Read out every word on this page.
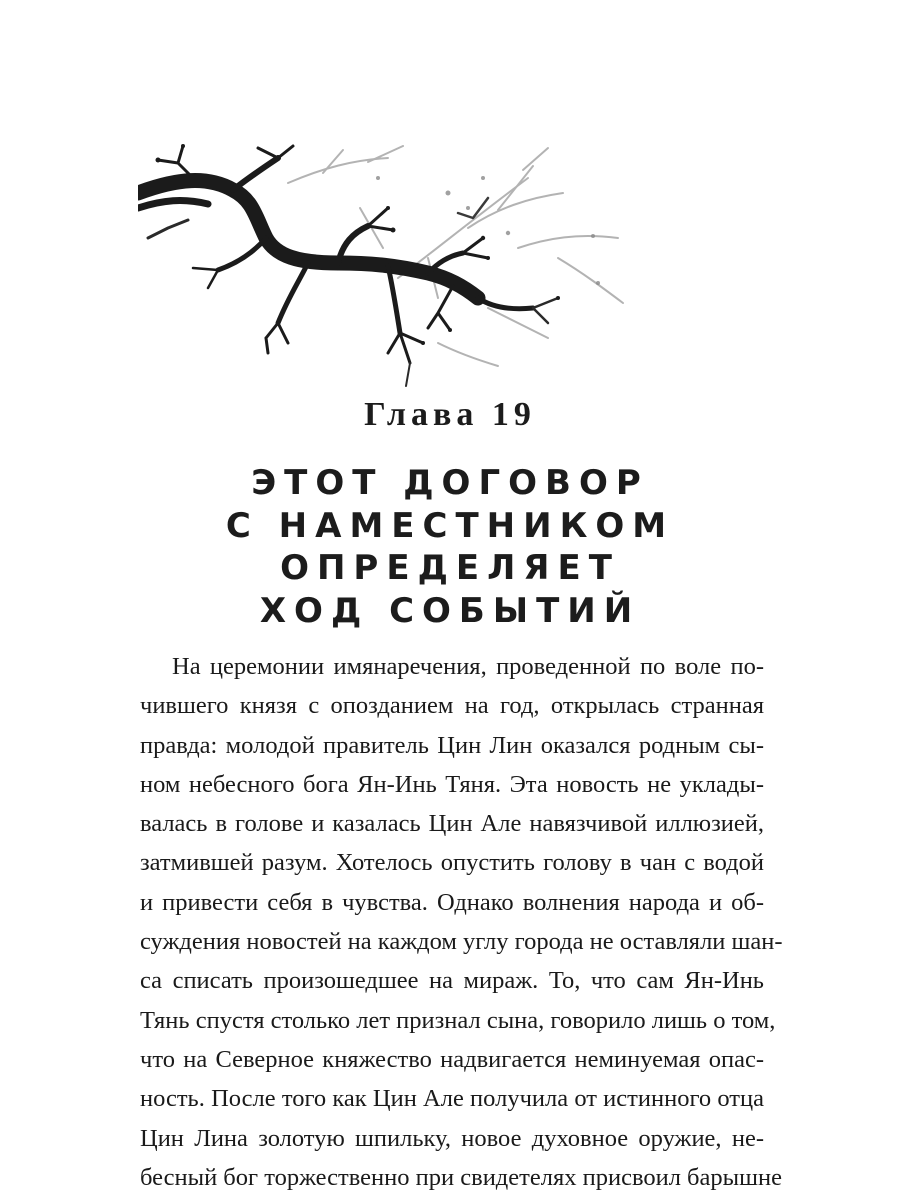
Глава 19
ЭТОТ ДОГОВОР
С НАМЕСТНИКОМ
ОПРЕДЕЛЯЕТ
ХОД СОБЫТИЙ
На церемонии имянаречения, проведенной по воле по-
чившего князя с опозданием на год, открылась странная
правда: молодой правитель Цин Лин оказался родным сы-
ном небесного бога Ян-Инь Тяня. Эта новость не уклады-
валась в голове и казалась Цин Але навязчивой иллюзией,
затмившей разум. Хотелось опустить голову в чан с водой
и привести себя в чувства. Однако волнения народа и об-
суждения новостей на каждом углу города не оставляли шан-
са списать произошедшее на мираж. То, что сам Ян-Инь
Тянь спустя столько лет признал сына, говорило лишь о том,
что на Северное княжество надвигается неминуемая опас-
ность. После того как Цин Але получила от истинного отца
Цин Лина золотую шпильку, новое духовное оружие, не-
бесный бог торжественно при свидетелях присвоил барышне
